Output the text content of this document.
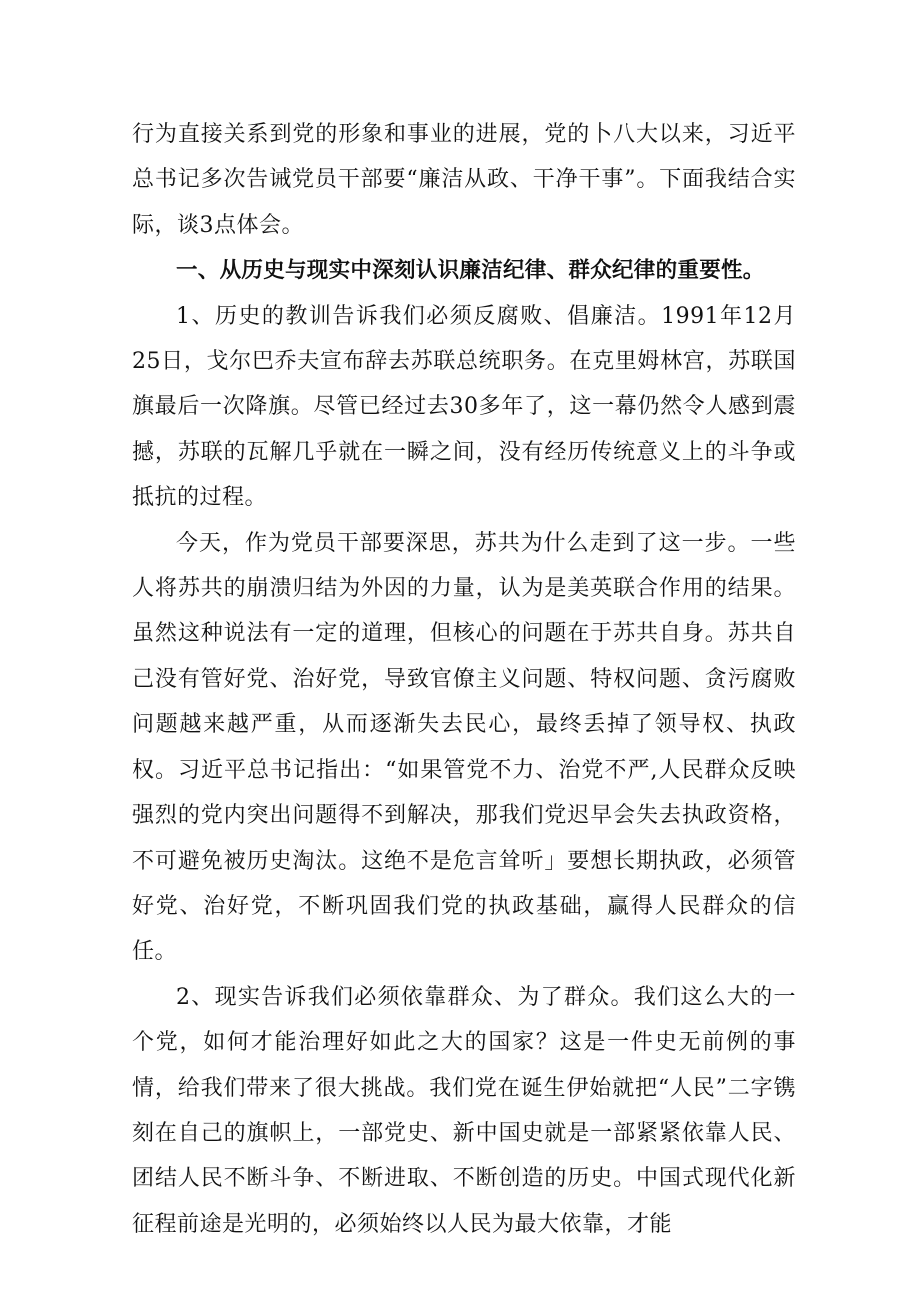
行为直接关系到党的形象和事业的进展，党的卜八大以来，习近平总书记多次告诫党员干部要“廉洁从政、干净干事”。下面我结合实际，谈3点体会。

一、从历史与现实中深刻认识廉洁纪律、群众纪律的重要性。

1、历史的教训告诉我们必须反腐败、倡廉洁。1991年12月25日，戈尔巴乔夫宣布辞去苏联总统职务。在克里姆林宫，苏联国旗最后一次降旗。尽管已经过去30多年了，这一幕仍然令人感到震撼，苏联的瓦解几乎就在一瞬之间，没有经历传统意义上的斗争或抵抗的过程。

今天，作为党员干部要深思，苏共为什么走到了这一步。一些人将苏共的崩溃归结为外因的力量，认为是美英联合作用的结果。虽然这种说法有一定的道理，但核心的问题在于苏共自身。苏共自己没有管好党、治好党，导致官僚主义问题、特权问题、贪污腐败问题越来越严重，从而逐渐失去民心，最终丢掉了领导权、执政权。习近平总书记指出：“如果管党不力、治党不严,人民群众反映强烈的党内突出问题得不到解决，那我们党迟早会失去执政资格，不可避免被历史淘汰。这绝不是危言耸听」要想长期执政，必须管好党、治好党，不断巩固我们党的执政基础，赢得人民群众的信任。

2、现实告诉我们必须依靠群众、为了群众。我们这么大的一个党，如何才能治理好如此之大的国家？这是一件史无前例的事情，给我们带来了很大挑战。我们党在诞生伊始就把“人民”二字镌刻在自己的旗帜上，一部党史、新中国史就是一部紧紧依靠人民、团结人民不断斗争、不断进取、不断创造的历史。中国式现代化新征程前途是光明的，必须始终以人民为最大依靠，才能
